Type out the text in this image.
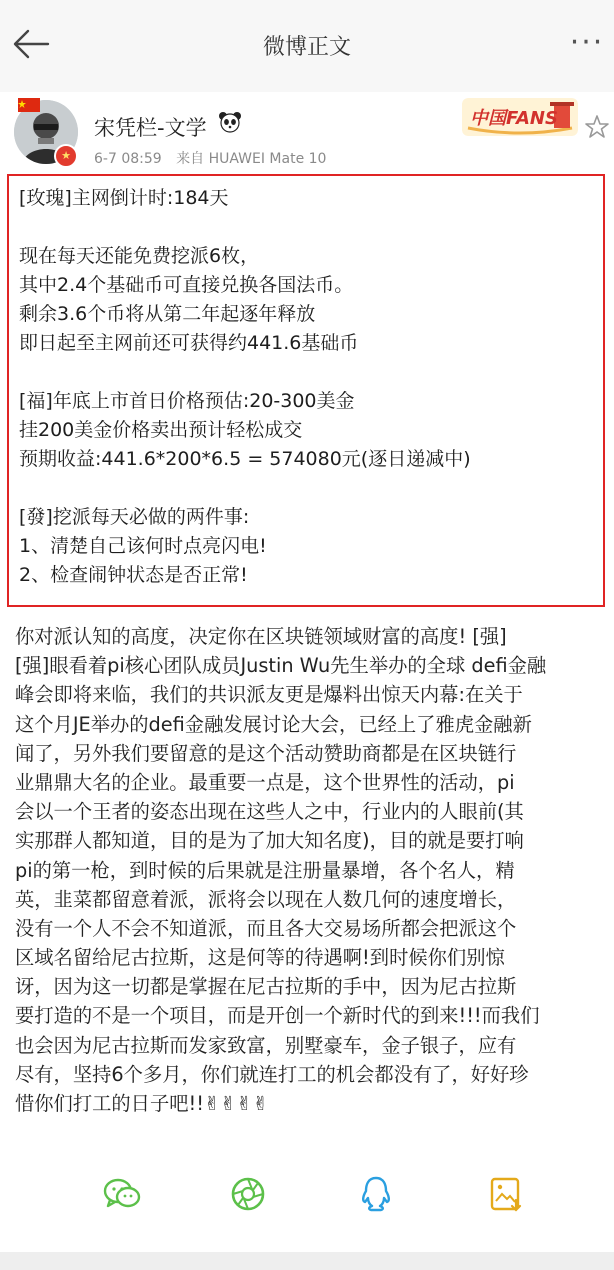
微博正文	···
★
宋凭栏-文学
6-7 08:59 来自 HUAWEI Mate 10
中国FANS
[玫瑰]主网倒计时:184天
现在每天还能免费挖派6枚，
其中2.4个基础币可直接兑换各国法币。
剩余3.6个币将从第二年起逐年释放
即日起至主网前还可获得约441.6基础币
[福]年底上市首日价格预估:20-300美金
挂200美金价格卖出预计轻松成交
预期收益:441.6*200*6.5 = 574080元(逐日递减中)
[發]挖派每天必做的两件事:
1、清楚自己该何时点亮闪电!
2、检查闹钟状态是否正常!
你对派认知的高度，决定你在区块链领域财富的高度! [强]
[强]眼看着pi核心团队成员Justin Wu先生举办的全球 defi金融
峰会即将来临，我们的共识派友更是爆料出惊天内幕:在关于
这个月JE举办的defi金融发展讨论大会，已经上了雅虎金融新
闻了，另外我们要留意的是这个活动赞助商都是在区块链行
业鼎鼎大名的企业。最重要一点是，这个世界性的活动，pi
会以一个王者的姿态出现在这些人之中，行业内的人眼前(其
实那群人都知道，目的是为了加大知名度)，目的就是要打响
pi的第一枪，到时候的后果就是注册量暴增，各个名人，精
英，韭菜都留意着派，派将会以现在人数几何的速度增长，
没有一个人不会不知道派，而且各大交易场所都会把派这个
区域名留给尼古拉斯，这是何等的待遇啊!到时候你们别惊
讶，因为这一切都是掌握在尼古拉斯的手中，因为尼古拉斯
要打造的不是一个项目，而是开创一个新时代的到来!!!而我们
也会因为尼古拉斯而发家致富，别墅豪车，金子银子，应有
尽有，坚持6个多月，你们就连打工的机会都没有了，好好珍
惜你们打工的日子吧!!✌✌✌✌
